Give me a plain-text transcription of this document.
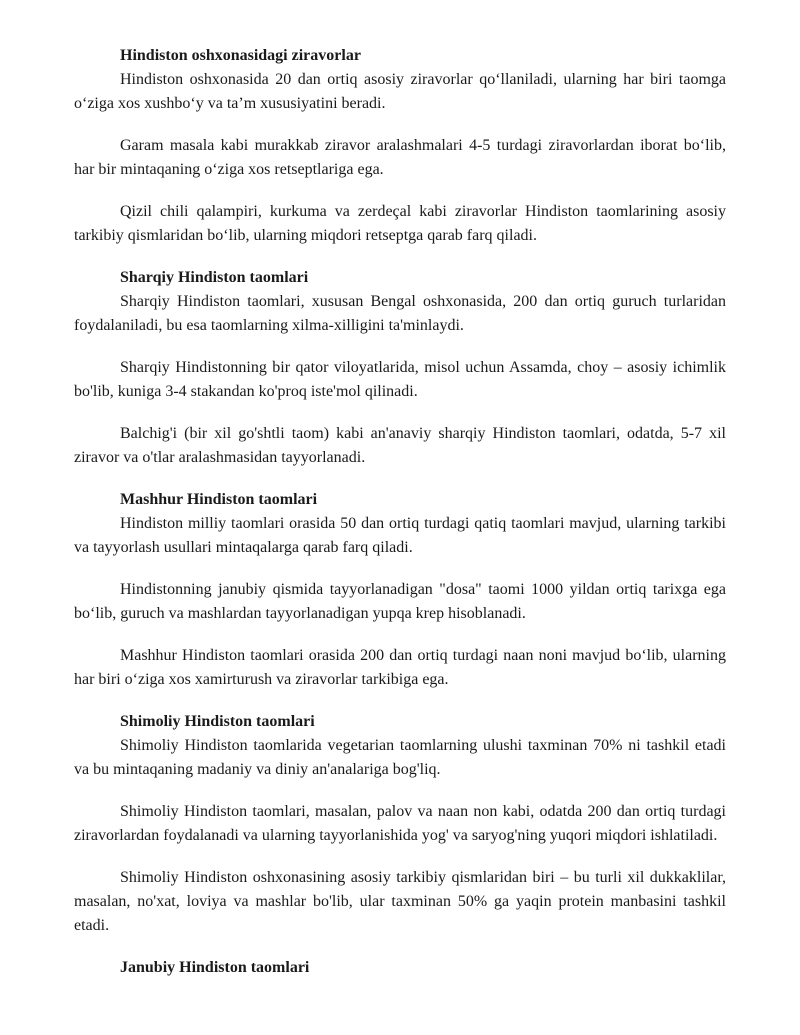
Hindiston oshxonasidagi ziravorlar

Hindiston oshxonasida 20 dan ortiq asosiy ziravorlar qo‘llaniladi, ularning har biri taomga o‘ziga xos xushbo‘y va ta’m xususiyatini beradi.

Garam masala kabi murakkab ziravor aralashmalari 4-5 turdagi ziravorlardan iborat bo‘lib, har bir mintaqaning o‘ziga xos retseptlariga ega.

Qizil chili qalampiri, kurkuma va zerdeçal kabi ziravorlar Hindiston taomlarining asosiy tarkibiy qismlaridan bo‘lib, ularning miqdori retseptga qarab farq qiladi.

Sharqiy Hindiston taomlari

Sharqiy Hindiston taomlari, xususan Bengal oshxonasida, 200 dan ortiq guruch turlaridan foydalaniladi, bu esa taomlarning xilma-xilligini ta'minlaydi.

Sharqiy Hindistonning bir qator viloyatlarida, misol uchun Assamda, choy – asosiy ichimlik bo'lib, kuniga 3-4 stakandan ko'proq iste'mol qilinadi.

Balchig'i (bir xil go'shtli taom) kabi an'anaviy sharqiy Hindiston taomlari, odatda, 5-7 xil ziravor va o'tlar aralashmasidan tayyorlanadi.

Mashhur Hindiston taomlari

Hindiston milliy taomlari orasida 50 dan ortiq turdagi qatiq taomlari mavjud, ularning tarkibi va tayyorlash usullari mintaqalarga qarab farq qiladi.

Hindistonning janubiy qismida tayyorlanadigan "dosa" taomi 1000 yildan ortiq tarixga ega bo‘lib, guruch va mashlardan tayyorlanadigan yupqa krep hisoblanadi.

Mashhur Hindiston taomlari orasida 200 dan ortiq turdagi naan noni mavjud bo‘lib, ularning har biri o‘ziga xos xamirturush va ziravorlar tarkibiga ega.

Shimoliy Hindiston taomlari

Shimoliy Hindiston taomlarida vegetarian taomlarning ulushi taxminan 70% ni tashkil etadi va bu mintaqaning madaniy va diniy an'analariga bog'liq.

Shimoliy Hindiston taomlari, masalan, palov va naan non kabi, odatda 200 dan ortiq turdagi ziravorlardan foydalanadi va ularning tayyorlanishida yog' va saryog'ning yuqori miqdori ishlatiladi.

Shimoliy Hindiston oshxonasining asosiy tarkibiy qismlaridan biri – bu turli xil dukkaklilar, masalan, no'xat, loviya va mashlar bo'lib, ular taxminan 50% ga yaqin protein manbasini tashkil etadi.

Janubiy Hindiston taomlari
